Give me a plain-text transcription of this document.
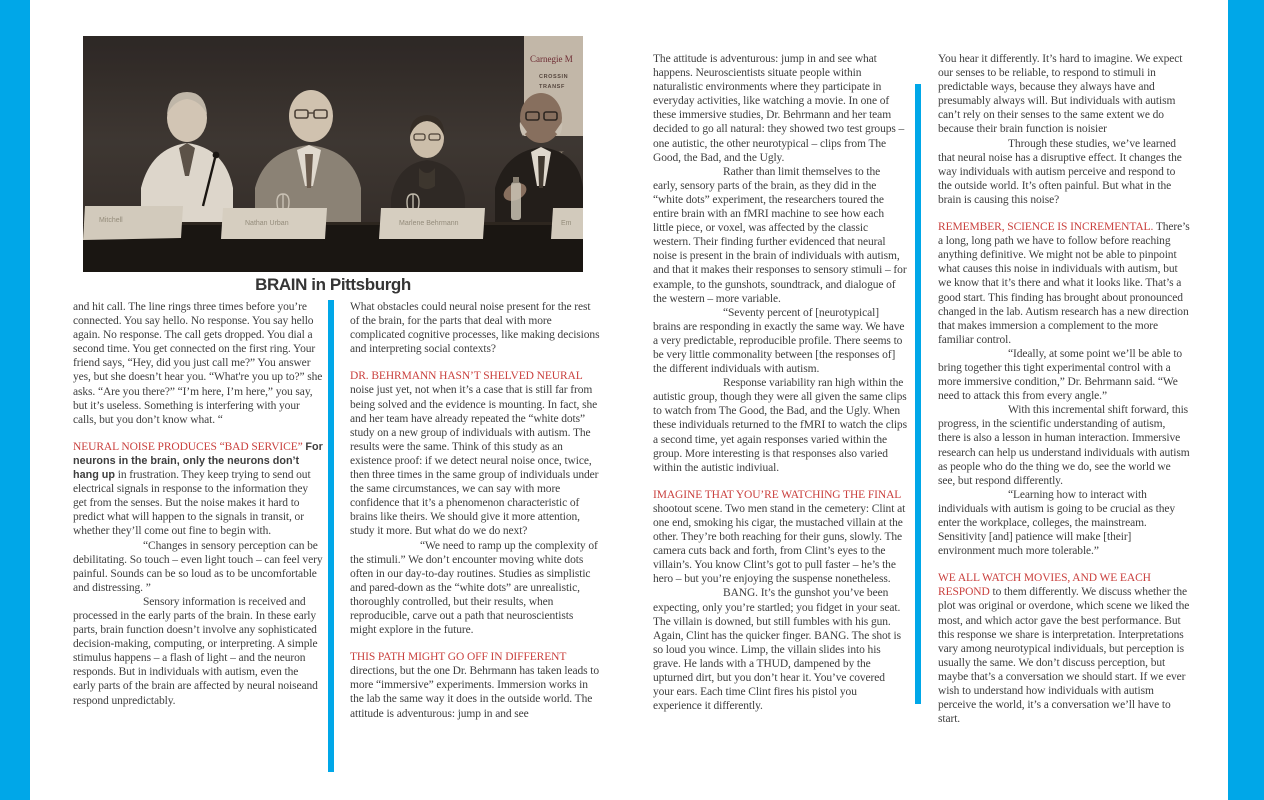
Carnegie M
CROSSIN
TRANSF
Mitchell	Nathan Urban	Marlene Behrmann	Em
BRAIN in Pittsburgh

and hit call. The line rings three times before you’re connected. You say hello. No response. You say hello again. No response. The call gets dropped. You dial a second time. You get connected on the first ring. Your friend says, “Hey, did you just call me?” You answer yes, but she doesn’t hear you. “What're you up to?” she asks. “Are you there?” “I’m here, I’m here,” you say, but it’s useless. Something is interfering with your calls, but you don’t know what. “

NEURAL NOISE PRODUCES “BAD SERVICE” For neurons in the brain, only the neurons don’t hang up in frustration. They keep trying to send out electrical signals in response to the information they get from the senses. But the noise makes it hard to predict what will happen to the signals in transit, or whether they’ll come out fine to begin with.

“Changes in sensory perception can be debilitating. So touch – even light touch – can feel very painful. Sounds can be so loud as to be uncomfortable and distressing. ”

Sensory information is received and processed in the early parts of the brain. In these early parts, brain function doesn’t involve any sophisticated decision-making, computing, or interpreting. A simple stimulus happens – a flash of light – and the neuron responds. But in individuals with autism, even the early parts of the brain are affected by neural noiseand respond unpredictably.

What obstacles could neural noise present for the rest of the brain, for the parts that deal with more complicated cognitive processes, like making decisions and interpreting social contexts?

DR. BEHRMANN HASN’T SHELVED NEURAL noise just yet, not when it’s a case that is still far from being solved and the evidence is mounting. In fact, she and her team have already repeated the “white dots” study on a new group of individuals with autism. The results were the same. Think of this study as an existence proof: if we detect neural noise once, twice, then three times in the same group of individuals under the same circumstances, we can say with more confidence that it’s a phenomenon characteristic of brains like theirs. We should give it more attention, study it more. But what do we do next?

“We need to ramp up the complexity of the stimuli.” We don’t encounter moving white dots often in our day-to-day routines. Studies as simplistic and pared-down as the “white dots” are unrealistic, thoroughly controlled, but their results, when reproducible, carve out a path that neuroscientists might explore in the future.

THIS PATH MIGHT GO OFF IN DIFFERENT directions, but the one Dr. Behrmann has taken leads to more “immersive” experiments. Immersion works in the lab the same way it does in the outside world. The attitude is adventurous: jump in and see

The attitude is adventurous: jump in and see what happens. Neuroscientists situate people within naturalistic environments where they participate in everyday activities, like watching a movie. In one of these immersive studies, Dr. Behrmann and her team decided to go all natural: they showed two test groups – one autistic, the other neurotypical – clips from The Good, the Bad, and the Ugly.

Rather than limit themselves to the early, sensory parts of the brain, as they did in the “white dots” experiment, the researchers toured the entire brain with an fMRI machine to see how each little piece, or voxel, was affected by the classic western. Their finding further evidenced that neural noise is present in the brain of individuals with autism, and that it makes their responses to sensory stimuli – for example, to the gunshots, soundtrack, and dialogue of the western – more variable.

“Seventy percent of [neurotypical] brains are responding in exactly the same way. We have a very predictable, reproducible profile. There seems to be very little commonality between [the responses of] the different individuals with autism.

Response variability ran high within the autistic group, though they were all given the same clips to watch from The Good, the Bad, and the Ugly. When these individuals returned to the fMRI to watch the clips a second time, yet again responses varied within the group. More interesting is that responses also varied within the autistic indiviual.

IMAGINE THAT YOU’RE WATCHING THE FINAL shootout scene. Two men stand in the cemetery: Clint at one end, smoking his cigar, the mustached villain at the other. They’re both reaching for their guns, slowly. The camera cuts back and forth, from Clint’s eyes to the villain’s. You know Clint’s got to pull faster – he’s the hero – but you’re enjoying the suspense nonetheless.

BANG. It’s the gunshot you’ve been expecting, only you’re startled; you fidget in your seat. The villain is downed, but still fumbles with his gun. Again, Clint has the quicker finger. BANG. The shot is so loud you wince. Limp, the villain slides into his grave. He lands with a THUD, dampened by the upturned dirt, but you don’t hear it. You’ve covered your ears. Each time Clint fires his pistol you experience it differently.

You hear it differently. It’s hard to imagine. We expect our senses to be reliable, to respond to stimuli in predictable ways, because they always have and presumably always will. But individuals with autism can’t rely on their senses to the same extent we do because their brain function is noisier

Through these studies, we’ve learned that neural noise has a disruptive effect. It changes the way individuals with autism perceive and respond to the outside world. It’s often painful. But what in the brain is causing this noise?

REMEMBER, SCIENCE IS INCREMENTAL. There’s a long, long path we have to follow before reaching anything definitive. We might not be able to pinpoint what causes this noise in individuals with autism, but we know that it’s there and what it looks like. That’s a good start. This finding has brought about pronounced changed in the lab. Autism research has a new direction that makes immersion a complement to the more familiar control.

“Ideally, at some point we’ll be able to bring together this tight experimental control with a more immersive condition,” Dr. Behrmann said. “We need to attack this from every angle.”

With this incremental shift forward, this progress, in the scientific understanding of autism, there is also a lesson in human interaction. Immersive research can help us understand individuals with autism as people who do the thing we do, see the world we see, but respond differently.

“Learning how to interact with individuals with autism is going to be crucial as they enter the workplace, colleges, the mainstream. Sensitivity [and] patience will make [their] environment much more tolerable.”

WE ALL WATCH MOVIES, AND WE EACH RESPOND to them differently. We discuss whether the plot was original or overdone, which scene we liked the most, and which actor gave the best performance. But this response we share is interpretation. Interpretations vary among neurotypical individuals, but perception is usually the same. We don’t discuss perception, but maybe that’s a conversation we should start. If we ever wish to understand how individuals with autism perceive the world, it’s a conversation we’ll have to start.
